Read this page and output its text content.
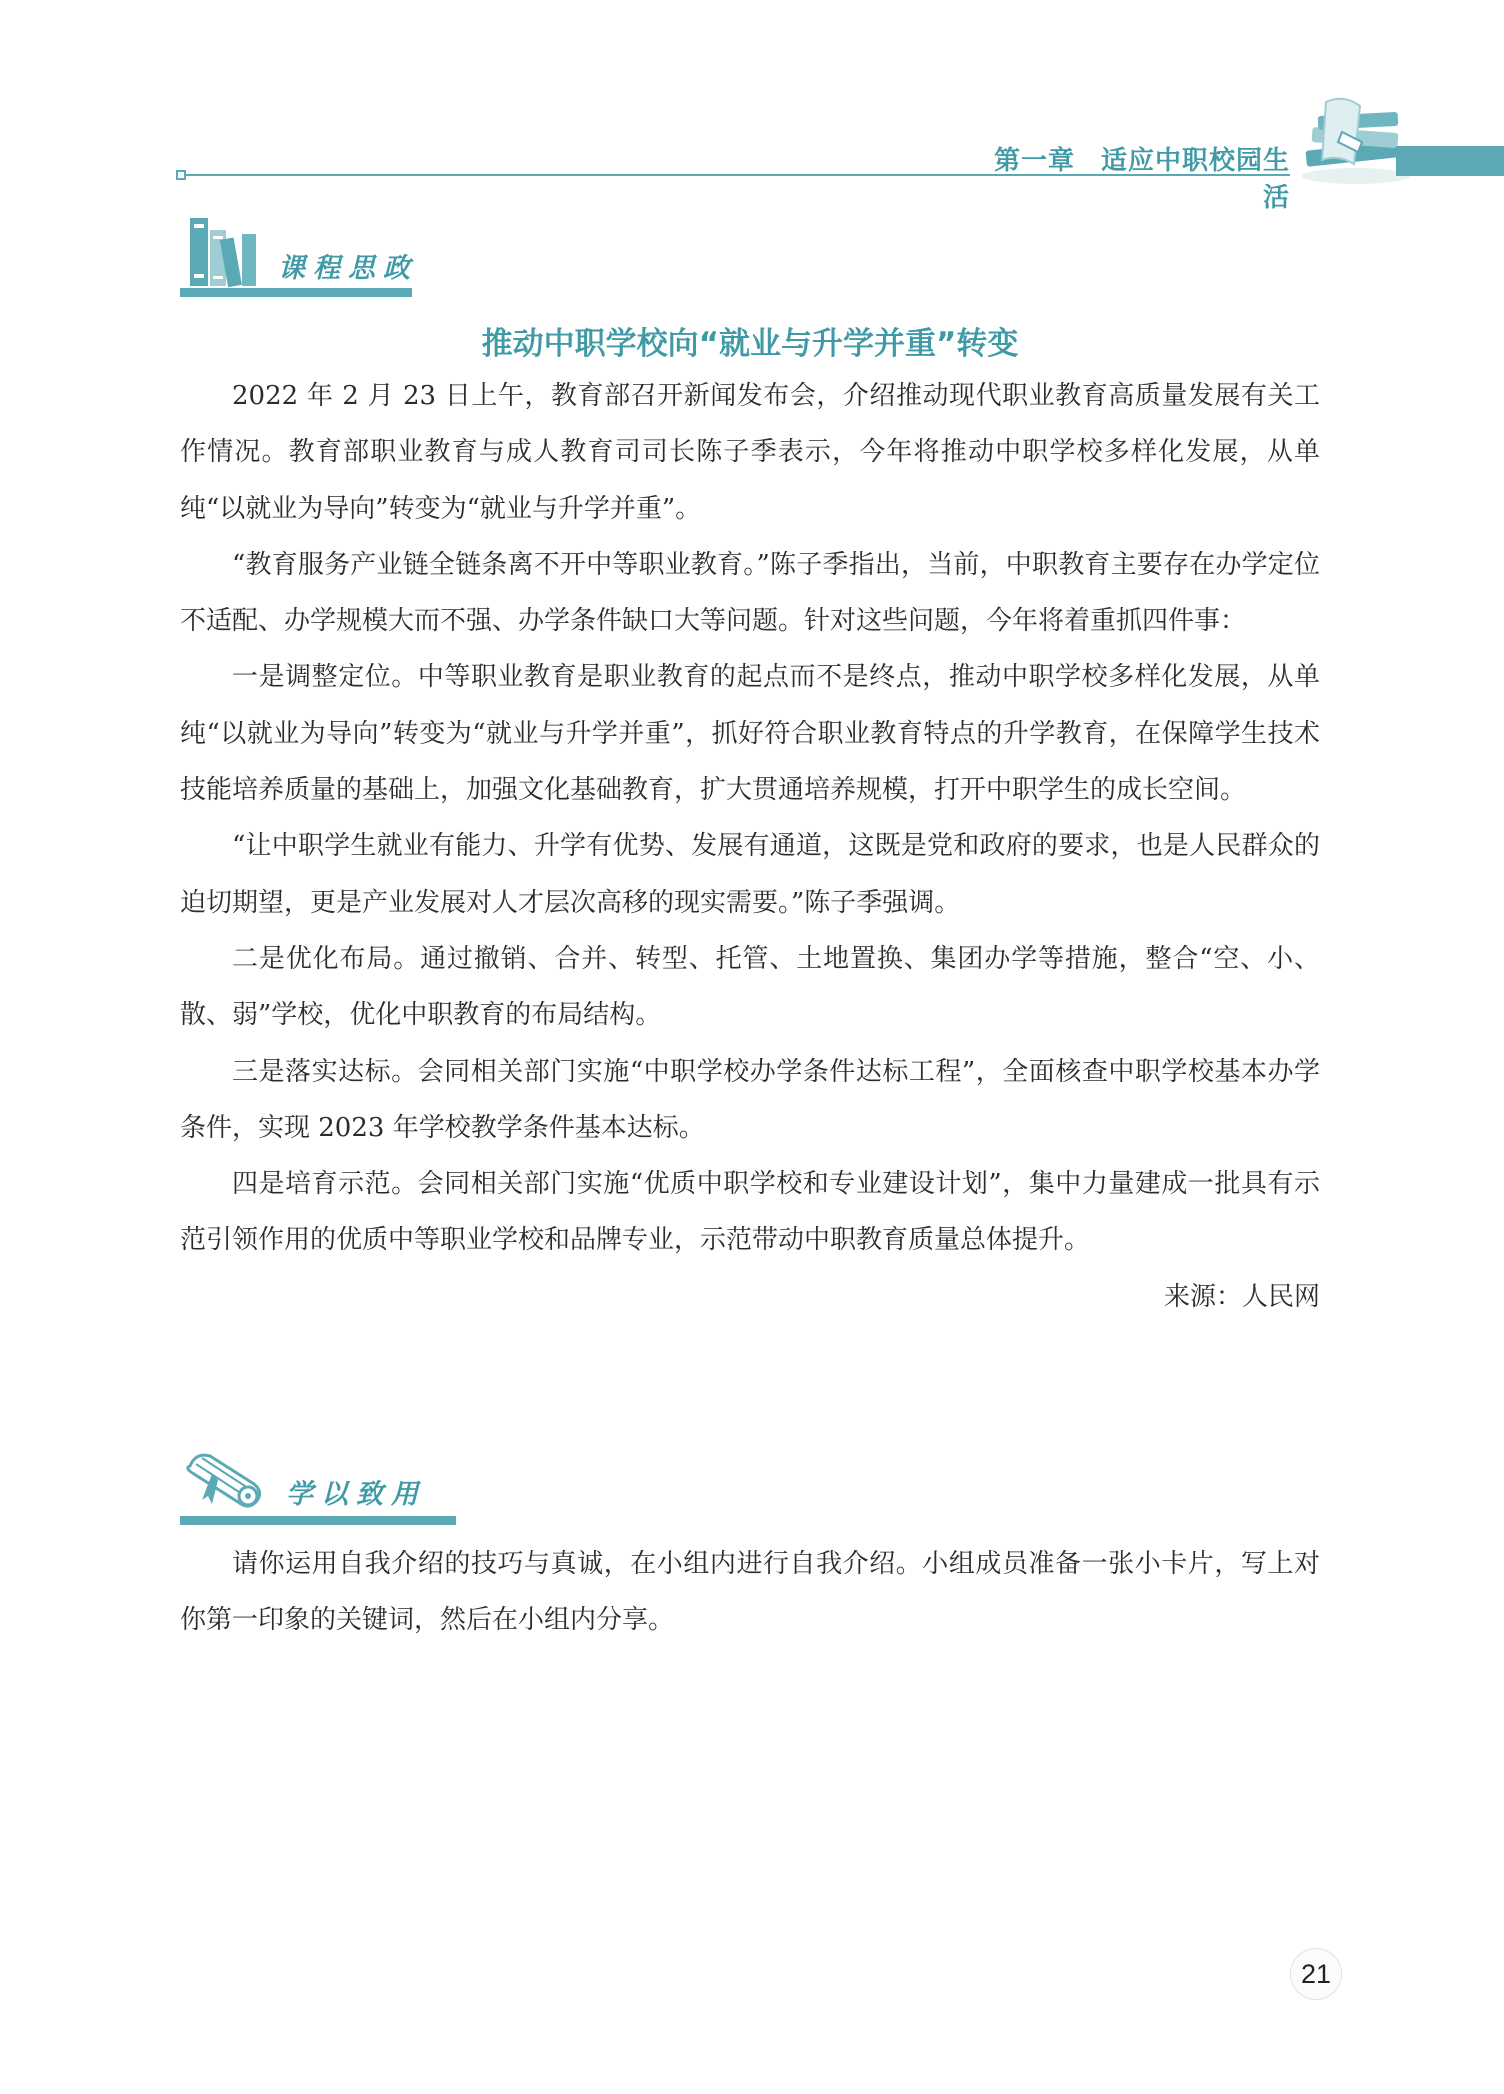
第一章 适应中职校园生活
课程思政
推动中职学校向“就业与升学并重”转变

2022 年 2 月 23 日上午，教育部召开新闻发布会，介绍推动现代职业教育高质量发展有关工作情况。教育部职业教育与成人教育司司长陈子季表示，今年将推动中职学校多样化发展，从单纯“以就业为导向”转变为“就业与升学并重”。

“教育服务产业链全链条离不开中等职业教育。”陈子季指出，当前，中职教育主要存在办学定位不适配、办学规模大而不强、办学条件缺口大等问题。针对这些问题，今年将着重抓四件事：

一是调整定位。中等职业教育是职业教育的起点而不是终点，推动中职学校多样化发展，从单纯“以就业为导向”转变为“就业与升学并重”，抓好符合职业教育特点的升学教育，在保障学生技术技能培养质量的基础上，加强文化基础教育，扩大贯通培养规模，打开中职学生的成长空间。

“让中职学生就业有能力、升学有优势、发展有通道，这既是党和政府的要求，也是人民群众的迫切期望，更是产业发展对人才层次高移的现实需要。”陈子季强调。

二是优化布局。通过撤销、合并、转型、托管、土地置换、集团办学等措施，整合“空、小、散、弱”学校，优化中职教育的布局结构。

三是落实达标。会同相关部门实施“中职学校办学条件达标工程”，全面核查中职学校基本办学条件，实现 2023 年学校教学条件基本达标。

四是培育示范。会同相关部门实施“优质中职学校和专业建设计划”，集中力量建成一批具有示范引领作用的优质中等职业学校和品牌专业，示范带动中职教育质量总体提升。

来源：人民网

学以致用

请你运用自我介绍的技巧与真诚，在小组内进行自我介绍。小组成员准备一张小卡片，写上对你第一印象的关键词，然后在小组内分享。

21
